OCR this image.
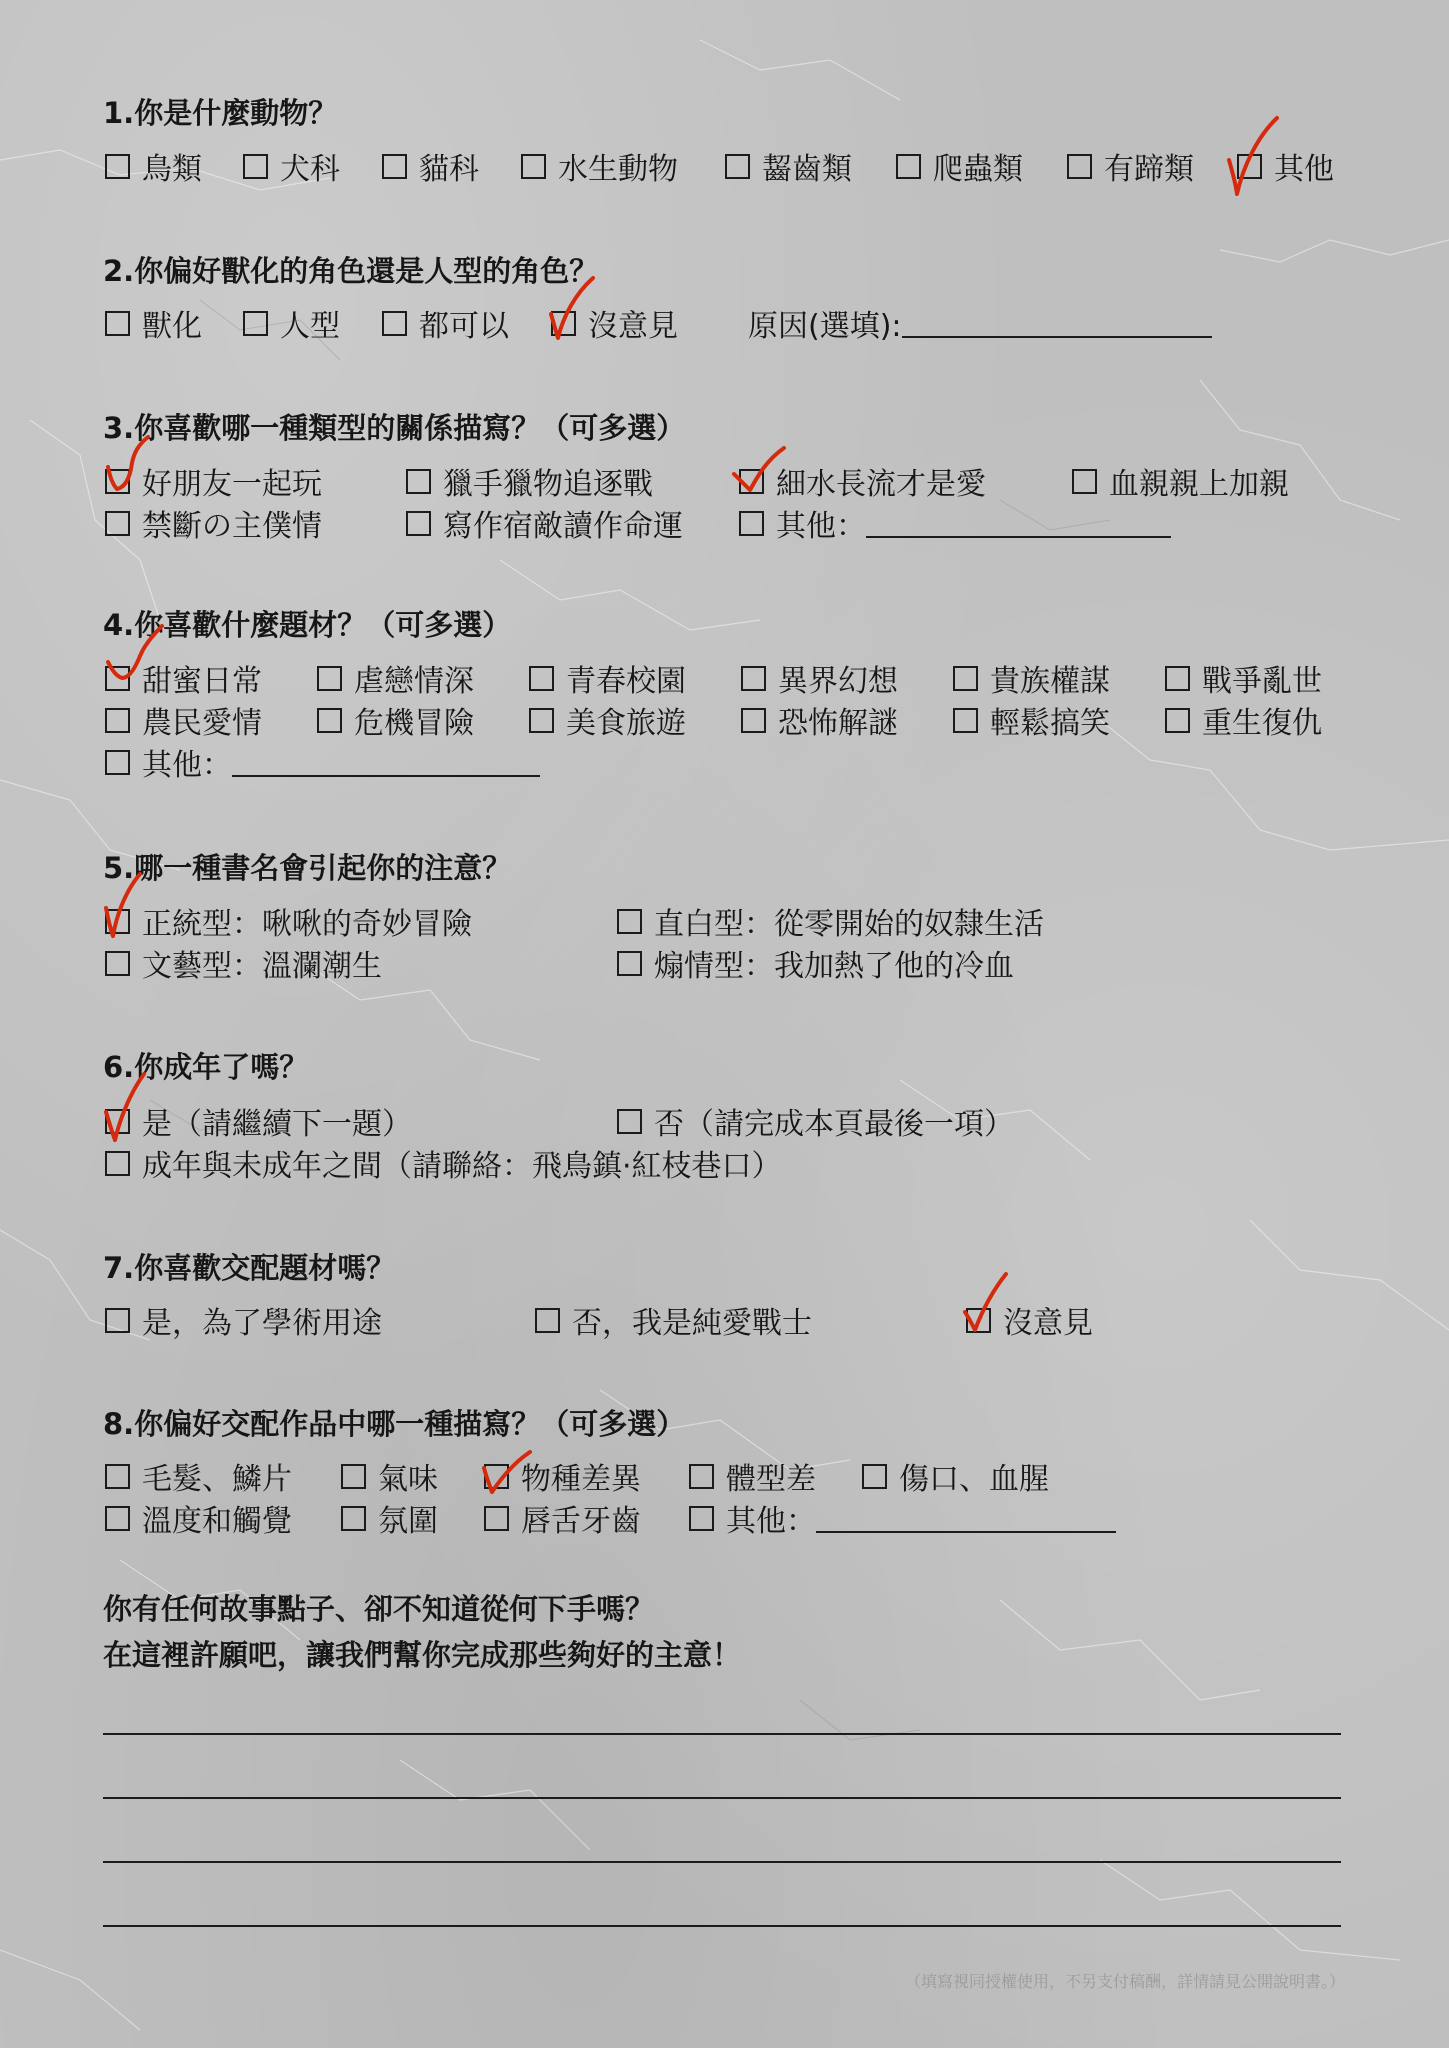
1.你是什麼動物？
鳥類	犬科	貓科	水生動物	齧齒類	爬蟲類	有蹄類	其他
2.你偏好獸化的角色還是人型的角色？
獸化	人型	都可以	沒意見 原因(選填):
3.你喜歡哪一種類型的關係描寫？（可多選）
好朋友一起玩	獵手獵物追逐戰	細水長流才是愛	血親親上加親
禁斷の主僕情	寫作宿敵讀作命運	其他：
4.你喜歡什麼題材？（可多選）
甜蜜日常	虐戀情深	青春校園	異界幻想	貴族權謀	戰爭亂世
農民愛情	危機冒險	美食旅遊	恐怖解謎	輕鬆搞笑	重生復仇
其他：
5.哪一種書名會引起你的注意？
正統型：啾啾的奇妙冒險	直白型：從零開始的奴隸生活
文藝型：溫瀾潮生	煽情型：我加熱了他的冷血
6.你成年了嗎？
是（請繼續下一題）	否（請完成本頁最後一項）
成年與未成年之間（請聯絡：飛鳥鎮·紅枝巷口）
7.你喜歡交配題材嗎？
是，為了學術用途	否，我是純愛戰士	沒意見
8.你偏好交配作品中哪一種描寫？（可多選）
毛髮、鱗片	氣味	物種差異	體型差	傷口、血腥
溫度和觸覺	氛圍	唇舌牙齒	其他：
你有任何故事點子、卻不知道從何下手嗎？
在這裡許願吧，讓我們幫你完成那些夠好的主意！
（填寫視同授權使用，不另支付稿酬，詳情請見公開說明書。）
